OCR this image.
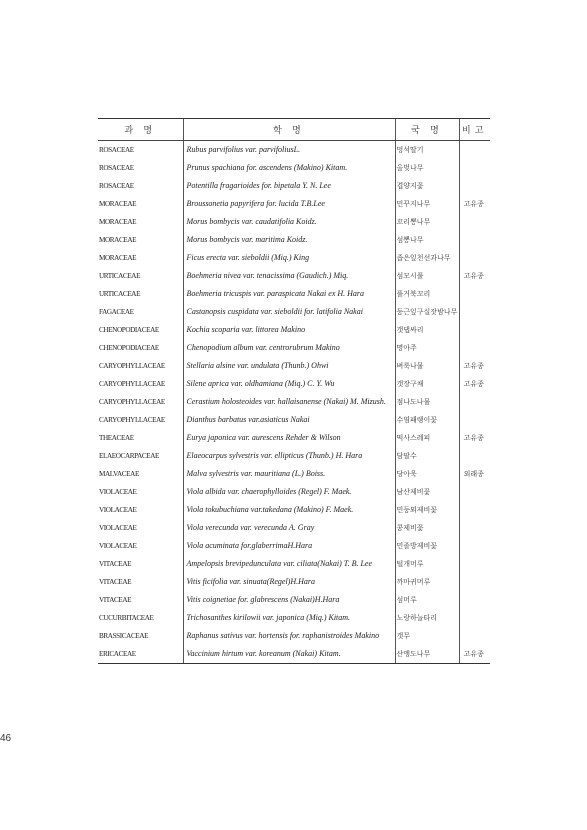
과 명	학 명	국 명	비고
ROSACEAE	Rubus parvifolius var. parvifoliusL.	멍석딸기	
ROSACEAE	Prunus spachiana for. ascendens (Makino) Kitam.	올벚나무	
ROSACEAE	Potentilla fragarioides for. bipetala Y. N. Lee	겹양지꽃	
MORACEAE	Broussonetia papyrifera for. lucida T.B.Lee	민꾸지나무	고유종
MORACEAE	Morus bombycis var. caudatifolia Koidz.	꼬리뽕나무	
MORACEAE	Morus bombycis var. maritima Koidz.	섬뽕나무	
MORACEAE	Ficus erecta var. sieboldii (Miq.) King	좁은잎천선과나무	
URTICACEAE	Boehmeria nivea var. tenacissima (Gaudich.) Miq.	섬모시풀	고유종
URTICACEAE	Boehmeria tricuspis var. paraspicata Nakai ex H. Hara	풀거북꼬리	
FAGACEAE	Castanopsis cuspidata var. sieboldii for. latifolia Nakai	둥근잎구실잣밤나무	
CHENOPODIACEAE	Kochia scoparia var. littorea Makino	갯댑싸리	
CHENOPODIACEAE	Chenopodium album var. centrorubrum Makino	명아주	
CARYOPHYLLACEAE	Stellaria alsine var. undulata (Thunb.) Ohwi	벼룩나물	고유종
CARYOPHYLLACEAE	Silene aprica var. oldhamiana (Miq.) C. Y. Wu	갯장구채	고유종
CARYOPHYLLACEAE	Cerastium holosteoides var. hallaisanense (Nakai) M. Mizush.	점나도나물	
CARYOPHYLLACEAE	Dianthus barbatus var.asiaticus Nakai	수염패랭이꽃	
THEACEAE	Eurya japonica var. aurescens Rehder & Wilson	떡사스레피	고유종
ELAEOCARPACEAE	Elaeocarpus sylvestris var. ellipticus (Thunb.) H. Hara	담팔수	
MALVACEAE	Malva sylvestris var. mauritiana (L.) Boiss.	당아욱	외래종
VIOLACEAE	Viola albida var. chaerophylloides (Regel) F. Maek.	남산제비꽃	
VIOLACEAE	Viola tokubuchiana var.takedana (Makino) F. Maek.	민둥뫼제비꽃	
VIOLACEAE	Viola verecunda var. verecunda A. Gray	콩제비꽃	
VIOLACEAE	Viola acuminata for.glaberrimaH.Hara	민졸방제비꽃	
VITACEAE	Ampelopsis brevipedunculata var. ciliata(Nakai) T. B. Lee	털개머루	
VITACEAE	Vitis ficifolia var. sinuata(Regel)H.Hara	까마귀머루	
VITACEAE	Vitis coignetiae for. glabrescens (Nakai)H.Hara	섬머루	
CUCURBITACEAE	Trichosanthes kirilowii var. japonica (Miq.) Kitam.	노랑하늘타리	
BRASSICACEAE	Raphanus sativus var. hortensis for. raphanistroides Makino	갯무	
ERICACEAE	Vaccinium hirtum var. koreanum (Nakai) Kitam.	산앵도나무	고유종
46
